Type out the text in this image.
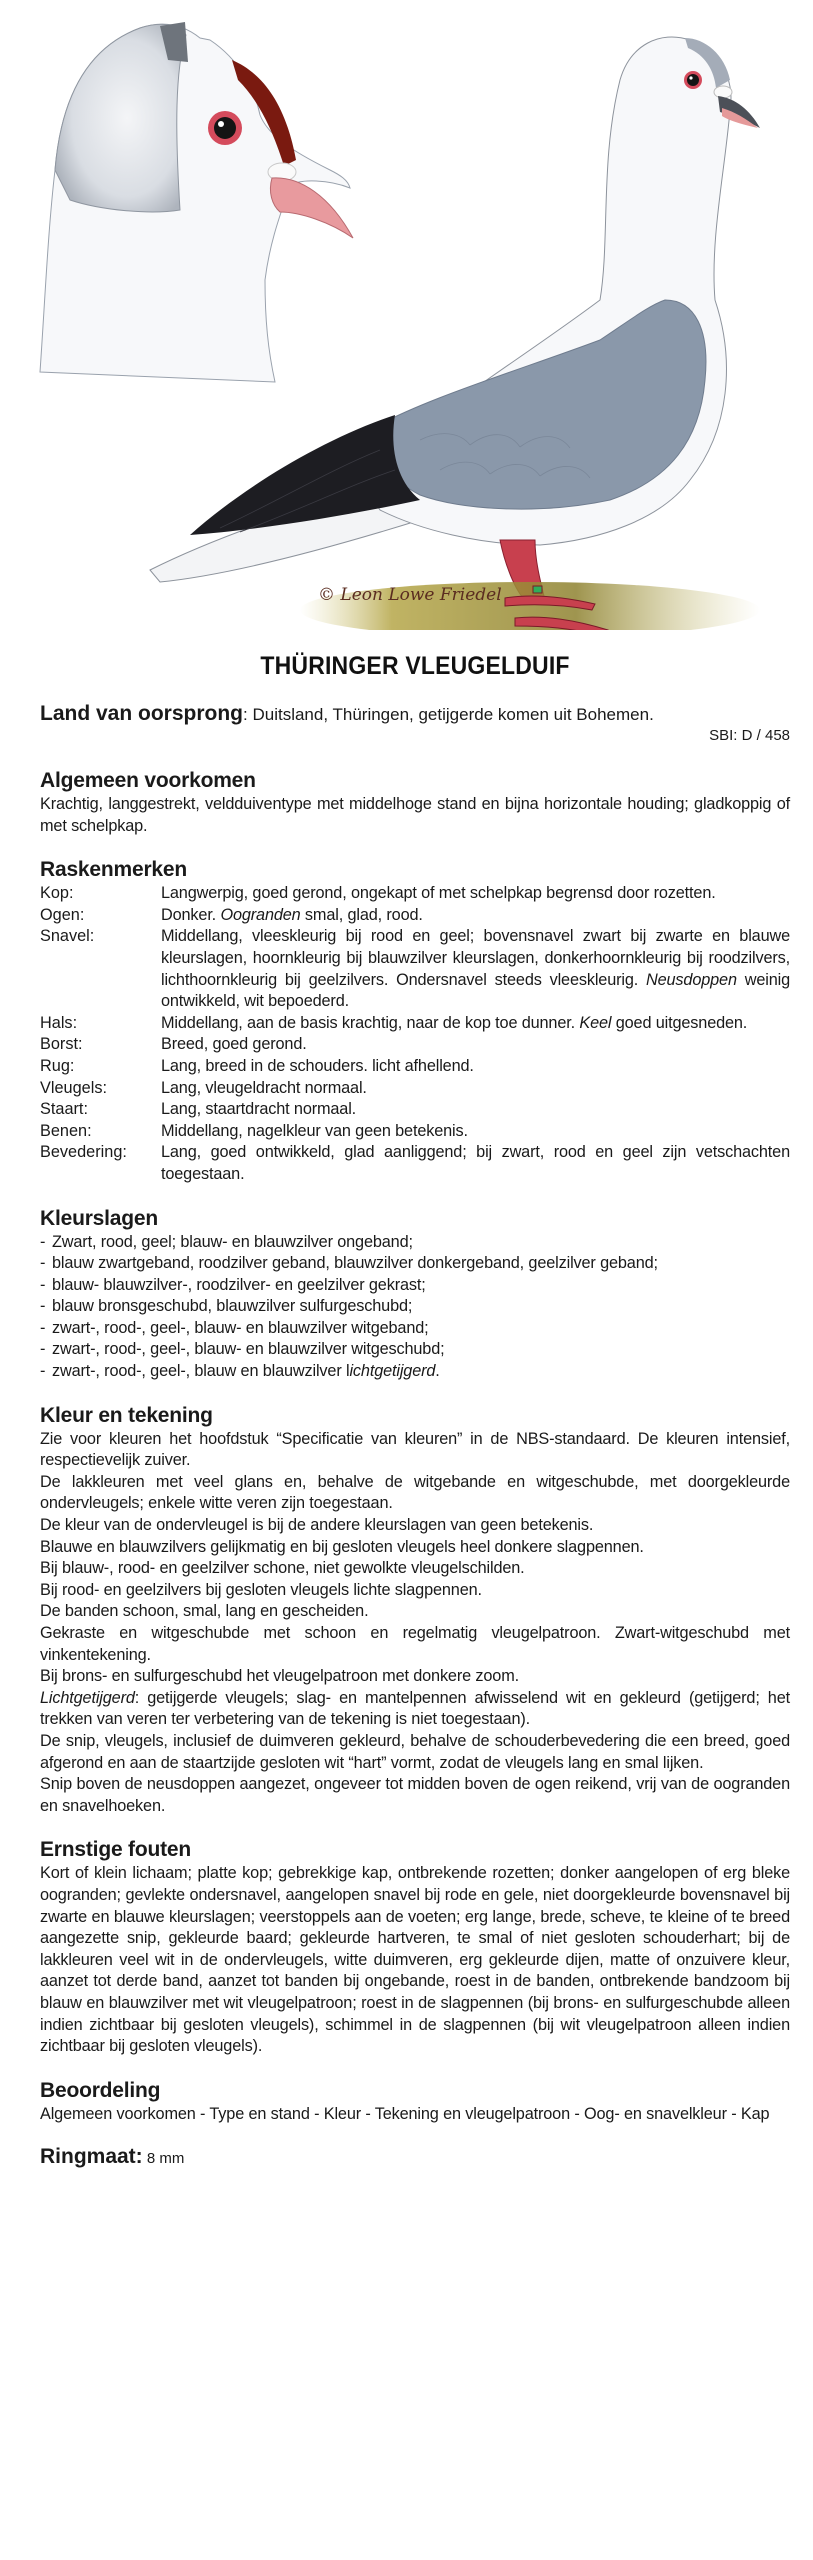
© Leon Lowe Friedel
THÜRINGER VLEUGELDUIF
Land van oorsprong: Duitsland, Thüringen, getijgerde komen uit Bohemen.
SBI: D / 458
Algemeen voorkomen

Krachtig, langgestrekt, veldduiventype met middelhoge stand en bijna horizontale houding; gladkoppig of met schelpkap.

Raskenmerken
Kop:	Langwerpig, goed gerond, ongekapt of met schelpkap begrensd door rozetten.
Ogen:	Donker. Oogranden smal, glad, rood.
Snavel:	Middellang, vleeskleurig bij rood en geel; bovensnavel zwart bij zwarte en blauwe kleurslagen, hoornkleurig bij blauwzilver kleurslagen, donkerhoornkleurig bij roodzilvers, lichthoornkleurig bij geelzilvers. Ondersnavel steeds vleeskleurig. Neusdoppen weinig ontwikkeld, wit bepoederd.
Hals:	Middellang, aan de basis krachtig, naar de kop toe dunner. Keel goed uitgesneden.
Borst:	Breed, goed gerond.
Rug:	Lang, breed in de schouders. licht afhellend.
Vleugels:	Lang, vleugeldracht normaal.
Staart:	Lang, staartdracht normaal.
Benen:	Middellang, nagelkleur van geen betekenis.
Bevedering:	Lang, goed ontwikkeld, glad aanliggend; bij zwart, rood en geel zijn vetschachten toegestaan.
Kleurslagen
- Zwart, rood, geel; blauw- en blauwzilver ongeband;
- blauw zwartgeband, roodzilver geband, blauwzilver donkergeband, geelzilver geband;
- blauw- blauwzilver-, roodzilver- en geelzilver gekrast;
- blauw bronsgeschubd, blauwzilver sulfurgeschubd;
- zwart-, rood-, geel-, blauw- en blauwzilver witgeband;
- zwart-, rood-, geel-, blauw- en blauwzilver witgeschubd;
- zwart-, rood-, geel-, blauw en blauwzilver lichtgetijgerd.
Kleur en tekening

Zie voor kleuren het hoofdstuk “Specificatie van kleuren” in de NBS-standaard. De kleuren intensief, respectievelijk zuiver.

De lakkleuren met veel glans en, behalve de witgebande en witgeschubde, met doorgekleurde ondervleugels; enkele witte veren zijn toegestaan.

De kleur van de ondervleugel is bij de andere kleurslagen van geen betekenis.

Blauwe en blauwzilvers gelijkmatig en bij gesloten vleugels heel donkere slagpennen.

Bij blauw-, rood- en geelzilver schone, niet gewolkte vleugelschilden.

Bij rood- en geelzilvers bij gesloten vleugels lichte slagpennen.

De banden schoon, smal, lang en gescheiden.

Gekraste en witgeschubde met schoon en regelmatig vleugelpatroon. Zwart-witgeschubd met vinkentekening.

Bij brons- en sulfurgeschubd het vleugelpatroon met donkere zoom.

Lichtgetijgerd: getijgerde vleugels; slag- en mantelpennen afwisselend wit en gekleurd (getijgerd; het trekken van veren ter verbetering van de tekening is niet toegestaan).

De snip, vleugels, inclusief de duimveren gekleurd, behalve de schouderbevedering die een breed, goed afgerond en aan de staartzijde gesloten wit “hart” vormt, zodat de vleugels lang en smal lijken.

Snip boven de neusdoppen aangezet, ongeveer tot midden boven de ogen reikend, vrij van de oogranden en snavelhoeken.

Ernstige fouten

Kort of klein lichaam; platte kop; gebrekkige kap, ontbrekende rozetten; donker aangelopen of erg bleke oogranden; gevlekte ondersnavel, aangelopen snavel bij rode en gele, niet doorgekleurde bovensnavel bij zwarte en blauwe kleurslagen; veerstoppels aan de voeten; erg lange, brede, scheve, te kleine of te breed aangezette snip, gekleurde baard; gekleurde hartveren, te smal of niet gesloten schouderhart; bij de lakkleuren veel wit in de ondervleugels, witte duimveren, erg gekleurde dijen, matte of onzuivere kleur, aanzet tot derde band, aanzet tot banden bij ongebande, roest in de banden, ontbrekende bandzoom bij blauw en blauwzilver met wit vleugelpatroon; roest in de slagpennen (bij brons- en sulfurgeschubde alleen indien zichtbaar bij gesloten vleugels), schimmel in de slagpennen (bij wit vleugelpatroon alleen indien zichtbaar bij gesloten vleugels).

Beoordeling

Algemeen voorkomen - Type en stand - Kleur - Tekening en vleugelpatroon - Oog- en snavelkleur - Kap

Ringmaat: 8 mm
